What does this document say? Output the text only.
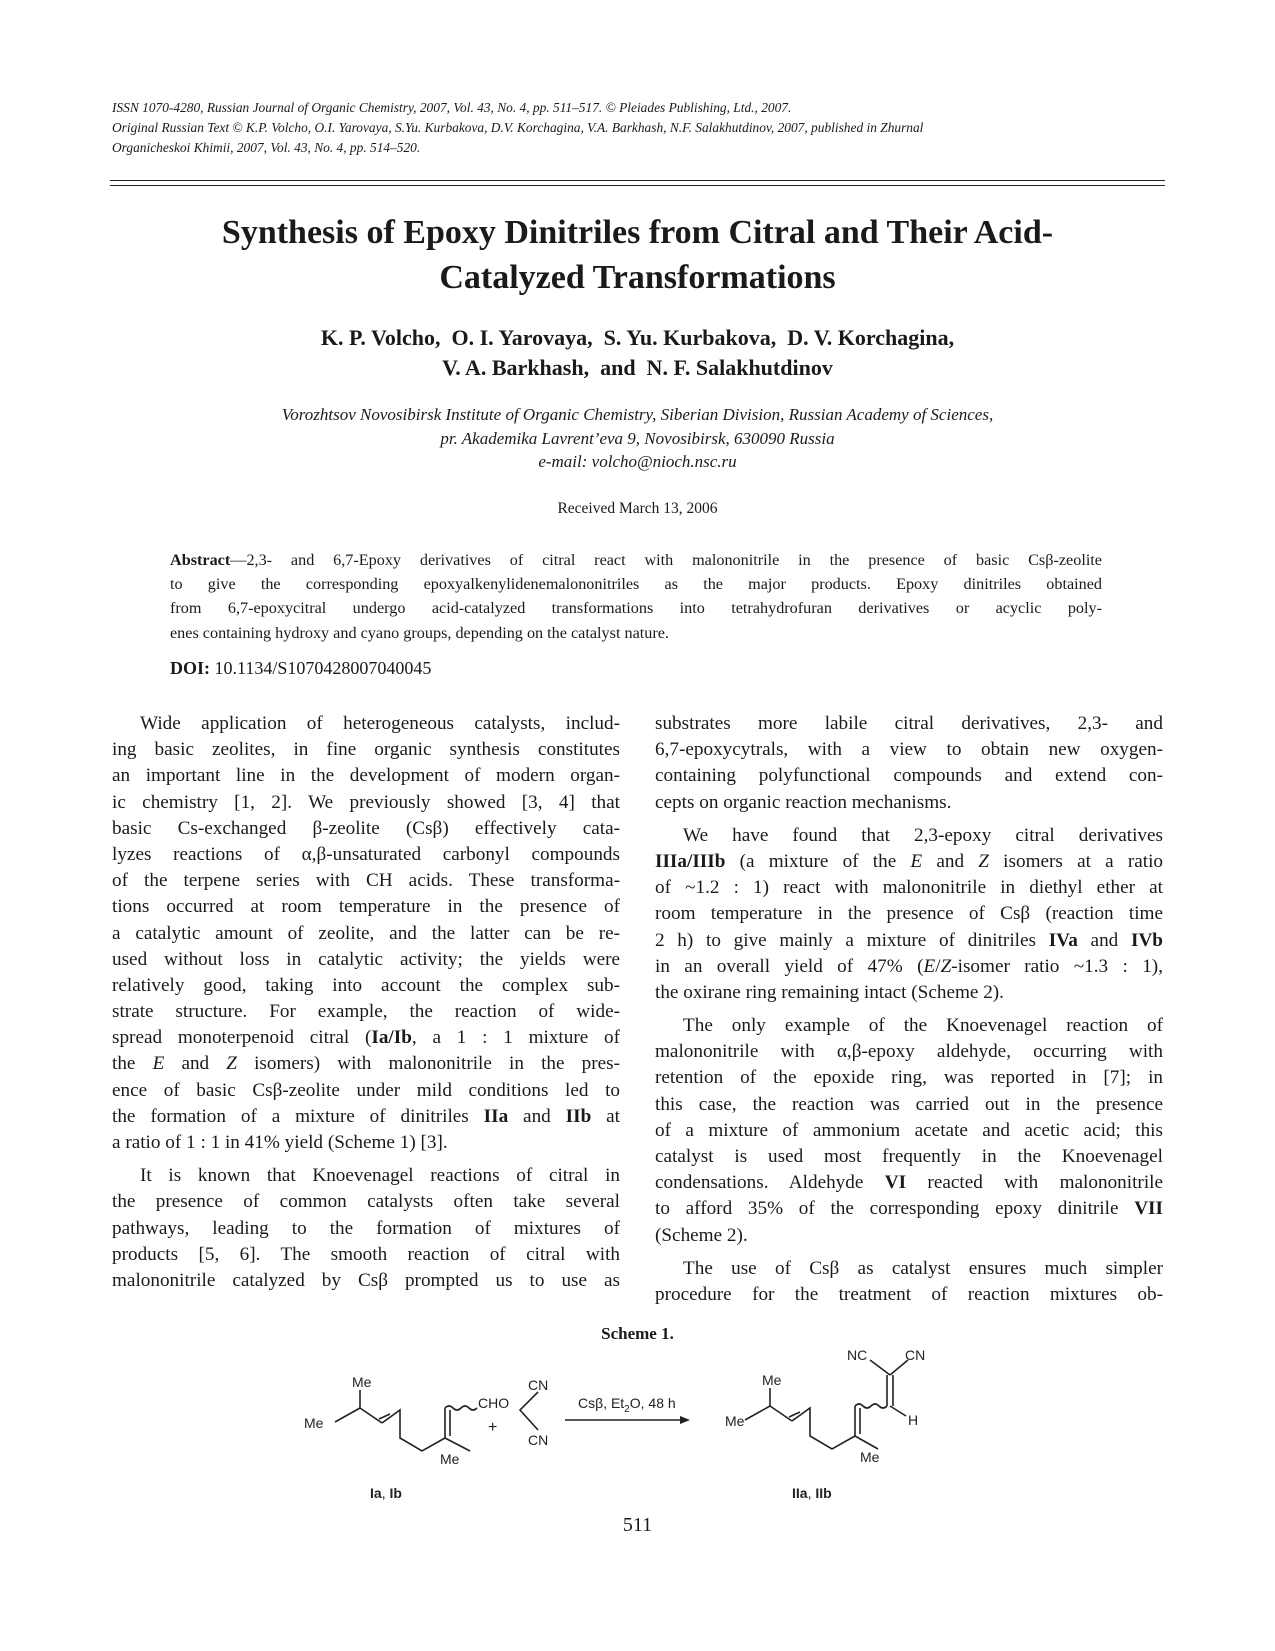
ISSN 1070-4280, Russian Journal of Organic Chemistry, 2007, Vol. 43, No. 4, pp. 511–517. © Pleiades Publishing, Ltd., 2007.
Original Russian Text © K.P. Volcho, O.I. Yarovaya, S.Yu. Kurbakova, D.V. Korchagina, V.A. Barkhash, N.F. Salakhutdinov, 2007, published in Zhurnal
Organicheskoi Khimii, 2007, Vol. 43, No. 4, pp. 514–520.
Synthesis of Epoxy Dinitriles from Citral and Their Acid-
Catalyzed Transformations
K. P. Volcho,  O. I. Yarovaya,  S. Yu. Kurbakova,  D. V. Korchagina,
V. A. Barkhash,  and  N. F. Salakhutdinov
Vorozhtsov Novosibirsk Institute of Organic Chemistry, Siberian Division, Russian Academy of Sciences,
pr. Akademika Lavrent’eva 9, Novosibirsk, 630090 Russia
e-mail: volcho@nioch.nsc.ru
Received March 13, 2006
Abstract—2,3- and 6,7-Epoxy derivatives of citral react with malononitrile in the presence of basic Csβ-zeolite
to give the corresponding epoxyalkenylidenemalononitriles as the major products. Epoxy dinitriles obtained
from 6,7-epoxycitral undergo acid-catalyzed transformations into tetrahydrofuran derivatives or acyclic poly-
enes containing hydroxy and cyano groups, depending on the catalyst nature.
DOI: 10.1134/S1070428007040045
Wide application of heterogeneous catalysts, includ-
ing basic zeolites, in fine organic synthesis constitutes
an important line in the development of modern organ-
ic chemistry [1, 2]. We previously showed [3, 4] that
basic Cs-exchanged β-zeolite (Csβ) effectively cata-
lyzes reactions of α,β-unsaturated carbonyl compounds
of the terpene series with CH acids. These transforma-
tions occurred at room temperature in the presence of
a catalytic amount of zeolite, and the latter can be re-
used without loss in catalytic activity; the yields were
relatively good, taking into account the complex sub-
strate structure. For example, the reaction of wide-
spread monoterpenoid citral (Ia/Ib, a 1 : 1 mixture of
the E and Z isomers) with malononitrile in the pres-
ence of basic Csβ-zeolite under mild conditions led to
the formation of a mixture of dinitriles IIa and IIb at
a ratio of 1 : 1 in 41% yield (Scheme 1) [3].
It is known that Knoevenagel reactions of citral in
the presence of common catalysts often take several
pathways, leading to the formation of mixtures of
products [5, 6]. The smooth reaction of citral with
malononitrile catalyzed by Csβ prompted us to use as
substrates more labile citral derivatives, 2,3- and
6,7-epoxycytrals, with a view to obtain new oxygen-
containing polyfunctional compounds and extend con-
cepts on organic reaction mechanisms.
We have found that 2,3-epoxy citral derivatives
IIIa/IIIb (a mixture of the E and Z isomers at a ratio
of ~1.2 : 1) react with malononitrile in diethyl ether at
room temperature in the presence of Csβ (reaction time
2 h) to give mainly a mixture of dinitriles IVa and IVb
in an overall yield of 47% (E/Z-isomer ratio ~1.3 : 1),
the oxirane ring remaining intact (Scheme 2).
The only example of the Knoevenagel reaction of
malononitrile with α,β-epoxy aldehyde, occurring with
retention of the epoxide ring, was reported in [7]; in
this case, the reaction was carried out in the presence
of a mixture of ammonium acetate and acetic acid; this
catalyst is used most frequently in the Knoevenagel
condensations. Aldehyde VI reacted with malononitrile
to afford 35% of the corresponding epoxy dinitrile VII
(Scheme 2).
The use of Csβ as catalyst ensures much simpler
procedure for the treatment of reaction mixtures ob-
Scheme 1.
Me
Me
Me
CHO
Ia, Ib
+
CN
CN
Csβ, $Et_2O$, 48 h
Me
Me
Me
NC	CN
H
IIa, IIb
511
